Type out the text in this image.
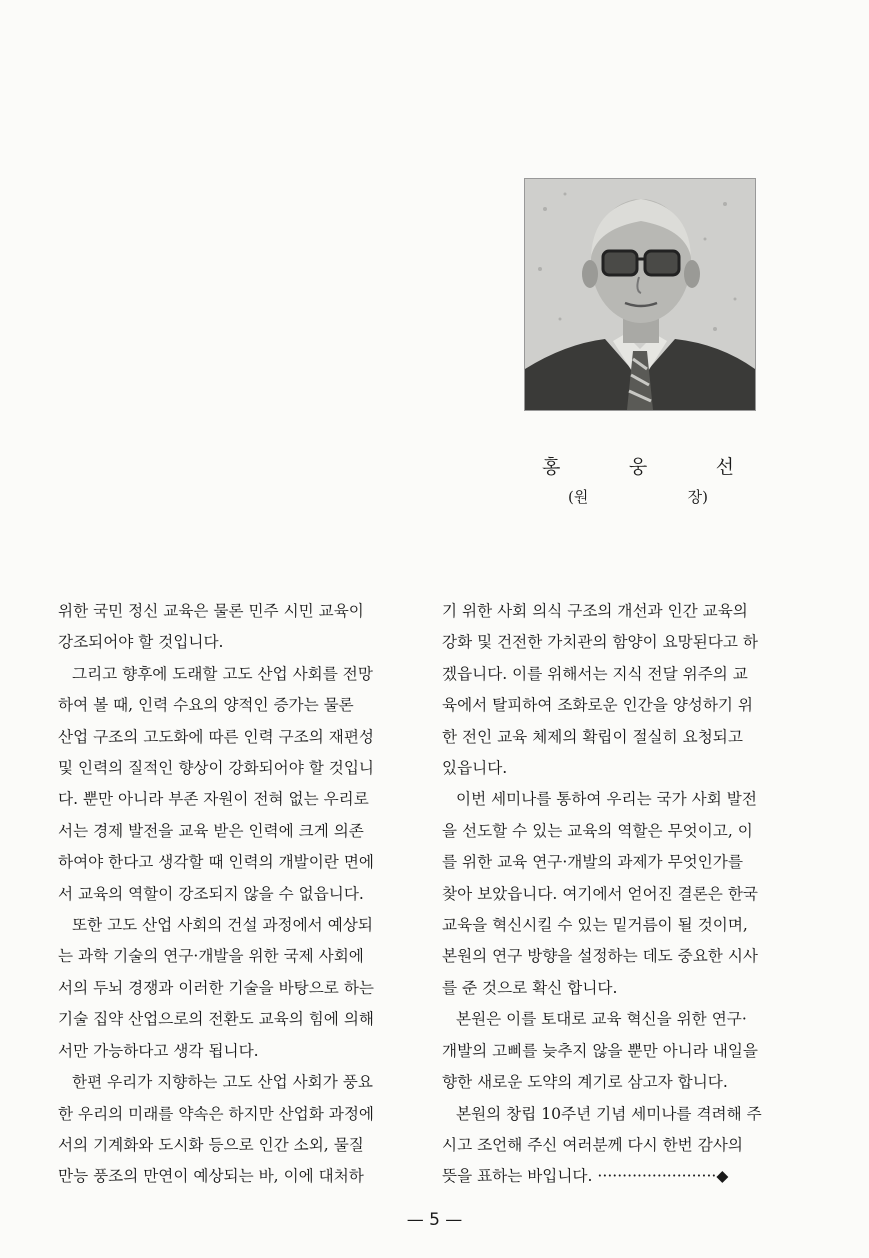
홍	웅	선
(원	장)
위한 국민 정신 교육은 물론 민주 시민 교육이
강조되어야 할 것입니다.
그리고 향후에 도래할 고도 산업 사회를 전망
하여 볼 때, 인력 수요의 양적인 증가는 물론
산업 구조의 고도화에 따른 인력 구조의 재편성
및 인력의 질적인 향상이 강화되어야 할 것입니
다. 뿐만 아니라 부존 자원이 전혀 없는 우리로
서는 경제 발전을 교육 받은 인력에 크게 의존
하여야 한다고 생각할 때 인력의 개발이란 면에
서 교육의 역할이 강조되지 않을 수 없읍니다.
또한 고도 산업 사회의 건설 과정에서 예상되
는 과학 기술의 연구·개발을 위한 국제 사회에
서의 두뇌 경쟁과 이러한 기술을 바탕으로 하는
기술 집약 산업으로의 전환도 교육의 힘에 의해
서만 가능하다고 생각 됩니다.
한편 우리가 지향하는 고도 산업 사회가 풍요
한 우리의 미래를 약속은 하지만 산업화 과정에
서의 기계화와 도시화 등으로 인간 소외, 물질
만능 풍조의 만연이 예상되는 바, 이에 대처하
기 위한 사회 의식 구조의 개선과 인간 교육의
강화 및 건전한 가치관의 함양이 요망된다고 하
겠읍니다. 이를 위해서는 지식 전달 위주의 교
육에서 탈피하여 조화로운 인간을 양성하기 위
한 전인 교육 체제의 확립이 절실히 요청되고
있읍니다.
이번 세미나를 통하여 우리는 국가 사회 발전
을 선도할 수 있는 교육의 역할은 무엇이고, 이
를 위한 교육 연구·개발의 과제가 무엇인가를
찾아 보았읍니다. 여기에서 얻어진 결론은 한국
교육을 혁신시킬 수 있는 밑거름이 될 것이며,
본원의 연구 방향을 설정하는 데도 중요한 시사
를 준 것으로 확신 합니다.
본원은 이를 토대로 교육 혁신을 위한 연구·
개발의 고삐를 늦추지 않을 뿐만 아니라 내일을
향한 새로운 도약의 계기로 삼고자 합니다.
본원의 창립 10주년 기념 세미나를 격려해 주
시고 조언해 주신 여러분께 다시 한번 감사의
뜻을 표하는 바입니다. ························◆
— 5 —
